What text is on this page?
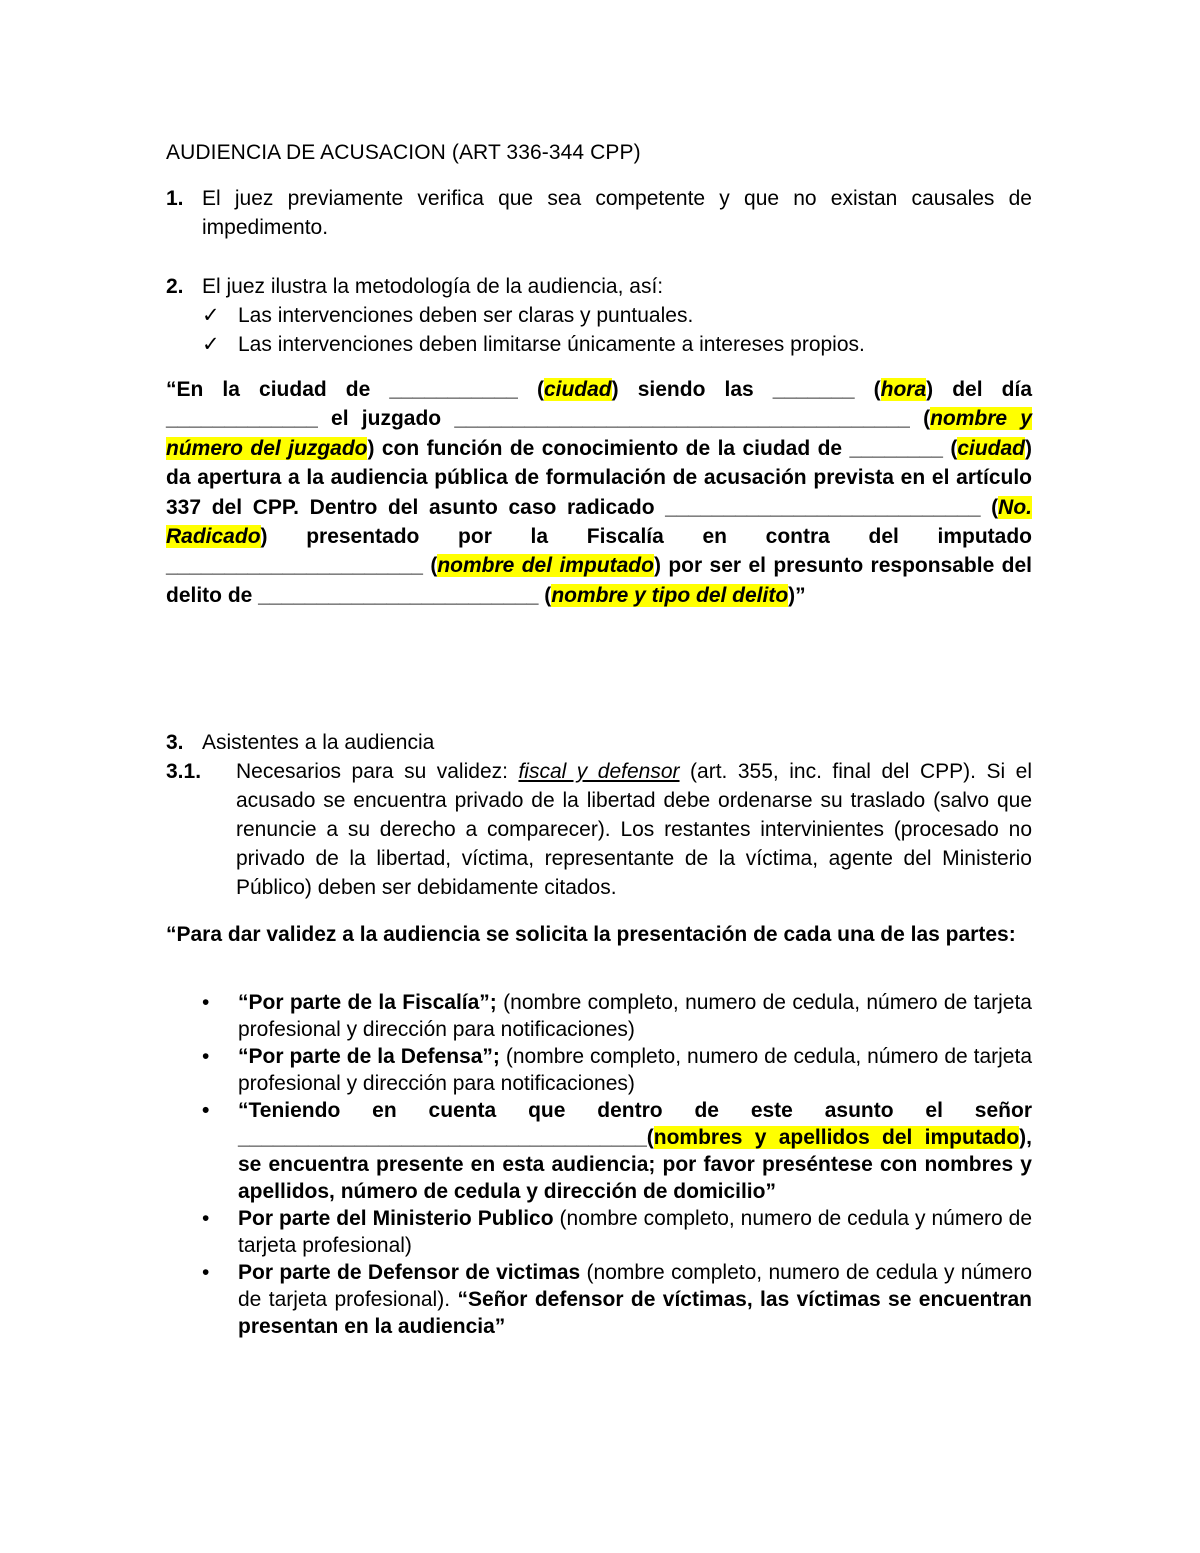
AUDIENCIA DE ACUSACION (ART 336-344 CPP)
1. El juez previamente verifica que sea competente y que no existan causales de impedimento.
2. El juez ilustra la metodología de la audiencia, así:
✓ Las intervenciones deben ser claras y puntuales.
✓ Las intervenciones deben limitarse únicamente a intereses propios.
“En la ciudad de ___________ (ciudad) siendo las _______ (hora) del día _____________ el juzgado _______________________________________ (nombre y número del juzgado) con función de conocimiento de la ciudad de ________ (ciudad) da apertura a la audiencia pública de formulación de acusación prevista en el artículo 337 del CPP. Dentro del asunto caso radicado ___________________________ (No. Radicado) presentado por la Fiscalía en contra del imputado ______________________ (nombre del imputado) por ser el presunto responsable del delito de ________________________ (nombre y tipo del delito)”
3. Asistentes a la audiencia
3.1. Necesarios para su validez: fiscal y defensor (art. 355, inc. final del CPP). Si el acusado se encuentra privado de la libertad debe ordenarse su traslado (salvo que renuncie a su derecho a comparecer). Los restantes intervinientes (procesado no privado de la libertad, víctima, representante de la víctima, agente del Ministerio Público) deben ser debidamente citados.
“Para dar validez a la audiencia se solicita la presentación de cada una de las partes:
• “Por parte de la Fiscalía”; (nombre completo, numero de cedula, número de tarjeta profesional y dirección para notificaciones)
• “Por parte de la Defensa”; (nombre completo, numero de cedula, número de tarjeta profesional y dirección para notificaciones)
• “Teniendo en cuenta que dentro de este asunto el señor ___________________________________(nombres y apellidos del imputado), se encuentra presente en esta audiencia; por favor preséntese con nombres y apellidos, número de cedula y dirección de domicilio”
• Por parte del Ministerio Publico (nombre completo, numero de cedula y número de tarjeta profesional)
• Por parte de Defensor de victimas (nombre completo, numero de cedula y número de tarjeta profesional). “Señor defensor de víctimas, las víctimas se encuentran presentan en la audiencia”
